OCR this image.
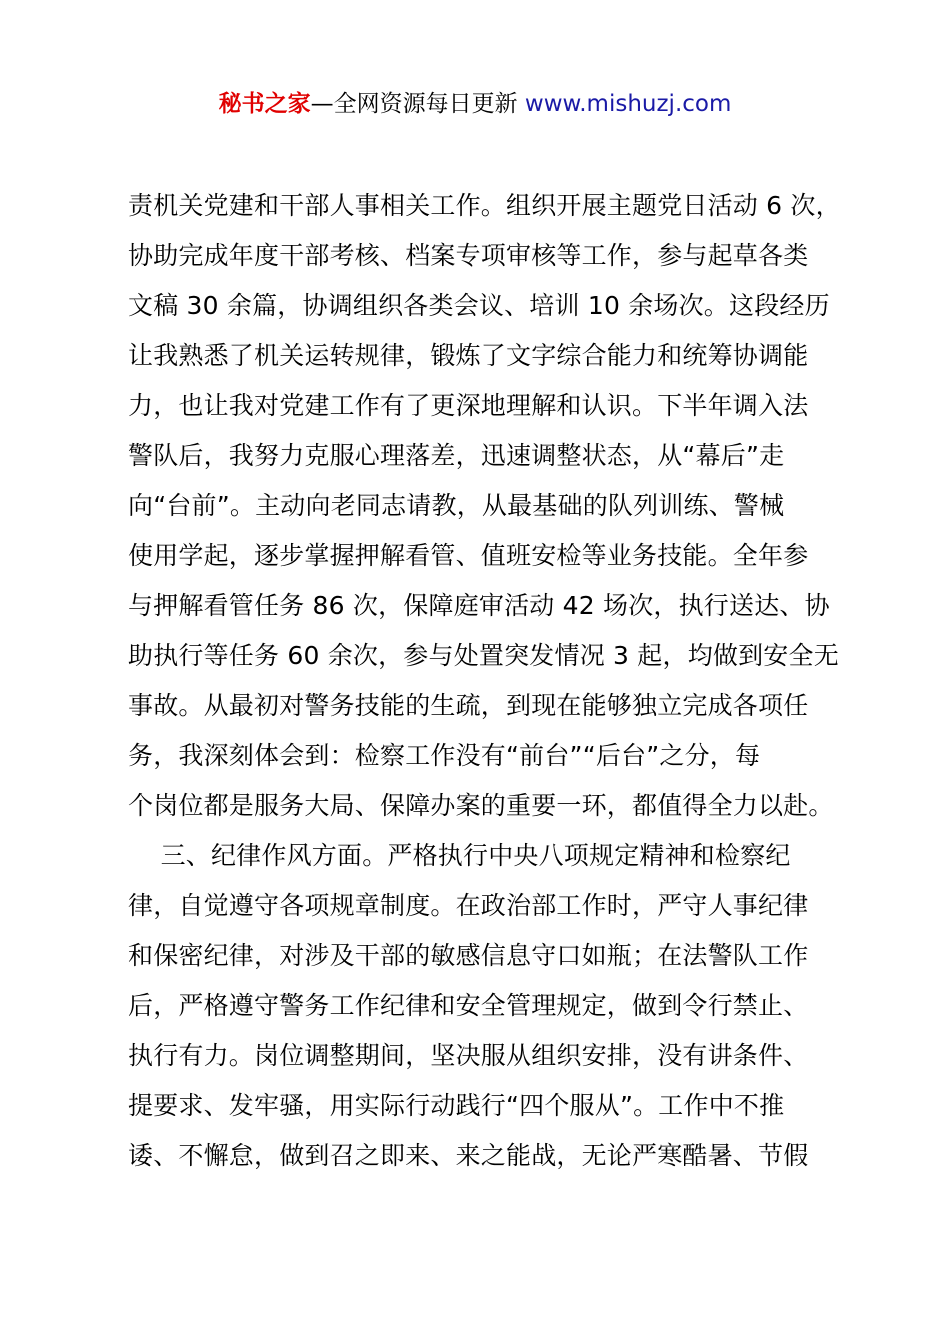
秘书之家—全网资源每日更新 www.mishuzj.com
责机关党建和干部人事相关工作。组织开展主题党日活动 6 次，
协助完成年度干部考核、档案专项审核等工作，参与起草各类
文稿 30 余篇，协调组织各类会议、培训 10 余场次。这段经历
让我熟悉了机关运转规律，锻炼了文字综合能力和统筹协调能
力，也让我对党建工作有了更深地理解和认识。下半年调入法
警队后，我努力克服心理落差，迅速调整状态，从“幕后”走
向“台前”。主动向老同志请教，从最基础的队列训练、警械
使用学起，逐步掌握押解看管、值班安检等业务技能。全年参
与押解看管任务 86 次，保障庭审活动 42 场次，执行送达、协
助执行等任务 60 余次，参与处置突发情况 3 起，均做到安全无
事故。从最初对警务技能的生疏，到现在能够独立完成各项任
务，我深刻体会到：检察工作没有“前台”“后台”之分，每
个岗位都是服务大局、保障办案的重要一环，都值得全力以赴。
三、纪律作风方面。严格执行中央八项规定精神和检察纪
律，自觉遵守各项规章制度。在政治部工作时，严守人事纪律
和保密纪律，对涉及干部的敏感信息守口如瓶；在法警队工作
后，严格遵守警务工作纪律和安全管理规定，做到令行禁止、
执行有力。岗位调整期间，坚决服从组织安排，没有讲条件、
提要求、发牢骚，用实际行动践行“四个服从”。工作中不推
诿、不懈怠，做到召之即来、来之能战，无论严寒酷暑、节假
